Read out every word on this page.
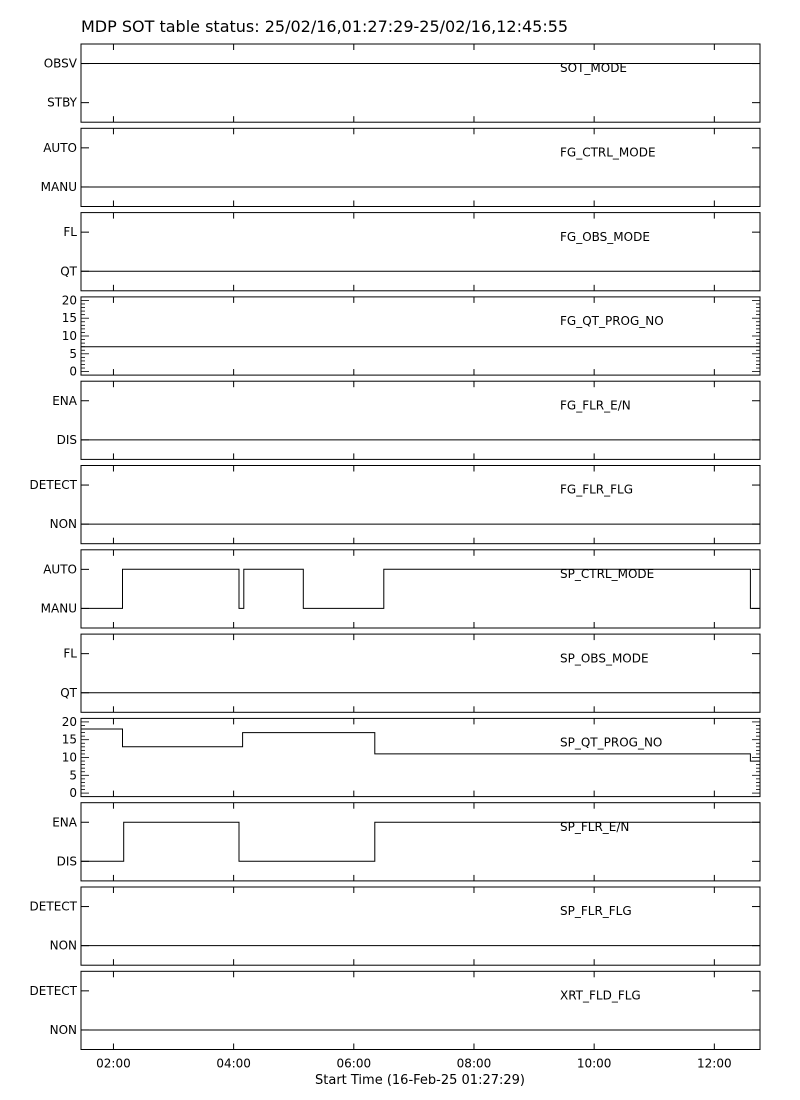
MDP SOT table status: 25/02/16,01:27:29-25/02/16,12:45:55
STBY
OBSV	SOT_MODE
MANU
AUTO	FG_CTRL_MODE
QT
FL	FG_OBS_MODE
0
5
10
15
20
FG_QT_PROG_NO
DIS
ENA	FG_FLR_E/N
NON
DETECT	FG_FLR_FLG
MANU
AUTO	SP_CTRL_MODE
QT
FL	SP_OBS_MODE
0
5
10
15
20
SP_QT_PROG_NO
DIS
ENA	SP_FLR_E/N
NON
DETECT	SP_FLR_FLG
NON
DETECT	XRT_FLD_FLG
02:00	04:00	06:00	08:00	10:00	12:00
Start Time (16-Feb-25 01:27:29)
